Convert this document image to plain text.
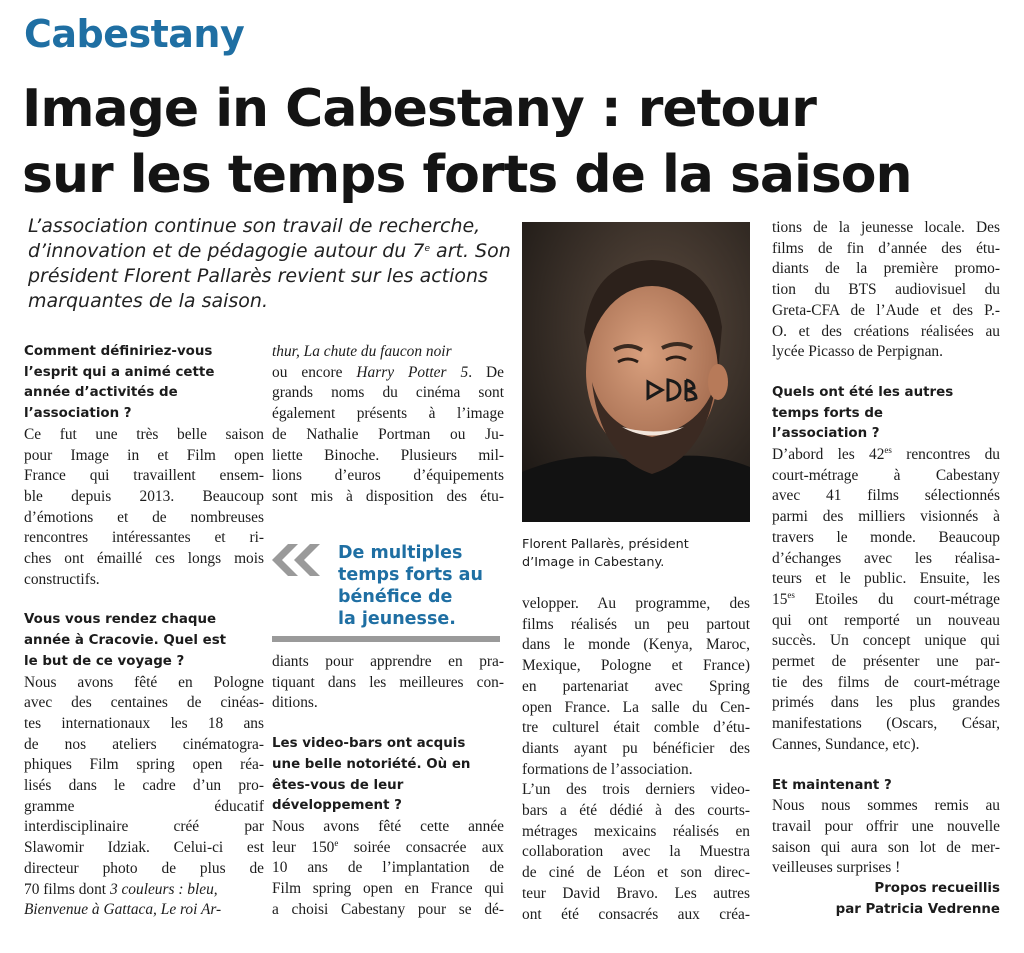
Cabestany
Image in Cabestany : retour
sur les temps forts de la saison
L’association continue son travail de recherche,
d’innovation et de pédagogie autour du 7e art. Son
président Florent Pallarès revient sur les actions
marquantes de la saison.
Comment définiriez-vous
l’esprit qui a animé cette
année d’activités de
l’association ?
Ce fut une très belle saison
pour Image in et Film open
France qui travaillent ensem-
ble depuis 2013. Beaucoup
d’émotions et de nombreuses
rencontres intéressantes et ri-
ches ont émaillé ces longs mois
constructifs.
Vous vous rendez chaque
année à Cracovie. Quel est
le but de ce voyage ?
Nous avons fêté en Pologne
avec des centaines de cinéas-
tes internationaux les 18 ans
de nos ateliers cinématogra-
phiques Film spring open réa-
lisés dans le cadre d’un pro-
gramme éducatif
interdisciplinaire créé par
Slawomir Idziak. Celui-ci est
directeur photo de plus de
70 films dont 3 couleurs : bleu,
Bienvenue à Gattaca, Le roi Ar-
thur, La chute du faucon noir
ou encore Harry Potter 5. De
grands noms du cinéma sont
également présents à l’image
de Nathalie Portman ou Ju-
liette Binoche. Plusieurs mil-
lions d’euros d’équipements
sont mis à disposition des étu-
De multiples
temps forts au
bénéfice de
la jeunesse.
diants pour apprendre en pra-
tiquant dans les meilleures con-
ditions.
Les video-bars ont acquis
une belle notoriété. Où en
êtes-vous de leur
développement ?
Nous avons fêté cette année
leur 150e soirée consacrée aux
10 ans de l’implantation de
Film spring open en France qui
a choisi Cabestany pour se dé-
Florent Pallarès, président
d’Image in Cabestany.
velopper. Au programme, des
films réalisés un peu partout
dans le monde (Kenya, Maroc,
Mexique, Pologne et France)
en partenariat avec Spring
open France. La salle du Cen-
tre culturel était comble d’étu-
diants ayant pu bénéficier des
formations de l’association.
L’un des trois derniers video-
bars a été dédié à des courts-
métrages mexicains réalisés en
collaboration avec la Muestra
de ciné de Léon et son direc-
teur David Bravo. Les autres
ont été consacrés aux créa-
tions de la jeunesse locale. Des
films de fin d’année des étu-
diants de la première promo-
tion du BTS audiovisuel du
Greta-CFA de l’Aude et des P.-
O. et des créations réalisées au
lycée Picasso de Perpignan.
Quels ont été les autres
temps forts de
l’association ?
D’abord les $42^{es}$ rencontres du
court-métrage à Cabestany
avec 41 films sélectionnés
parmi des milliers visionnés à
travers le monde. Beaucoup
d’échanges avec les réalisa-
teurs et le public. Ensuite, les
$15^{es}$ Etoiles du court-métrage
qui ont remporté un nouveau
succès. Un concept unique qui
permet de présenter une par-
tie des films de court-métrage
primés dans les plus grandes
manifestations (Oscars, César,
Cannes, Sundance, etc).
Et maintenant ?
Nous nous sommes remis au
travail pour offrir une nouvelle
saison qui aura son lot de mer-
veilleuses surprises !
Propos recueillis
par Patricia Vedrenne
